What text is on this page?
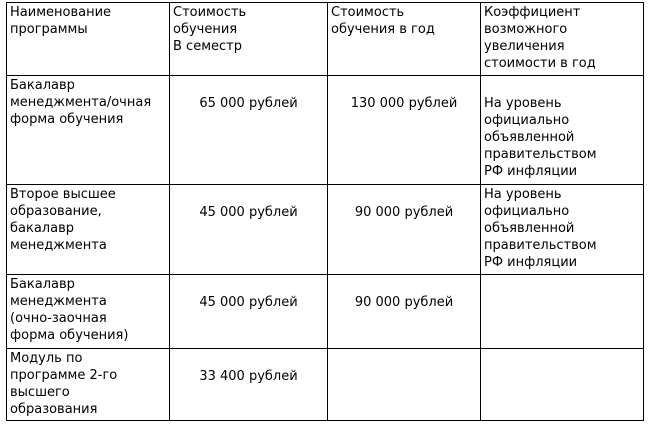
Наименование
программы	Стоимость
обучения
В семестр	Стоимость
обучения в год	Коэффициент
возможного
увеличения
стоимости в год

Бакалавр
менеджмента/очная
форма обучения	65 000 рублей	130 000 рублей	На уровень
официально
объявленной
правительством
РФ инфляции

Второе высшее
образование,
бакалавр
менеджмента	45 000 рублей	90 000 рублей	На уровень
официально
объявленной
правительством
РФ инфляции

Бакалавр
менеджмента
(очно-заочная
форма обучения)	45 000 рублей	90 000 рублей	

Модуль по
программе 2-го
высшего
образования	33 400 рублей		
